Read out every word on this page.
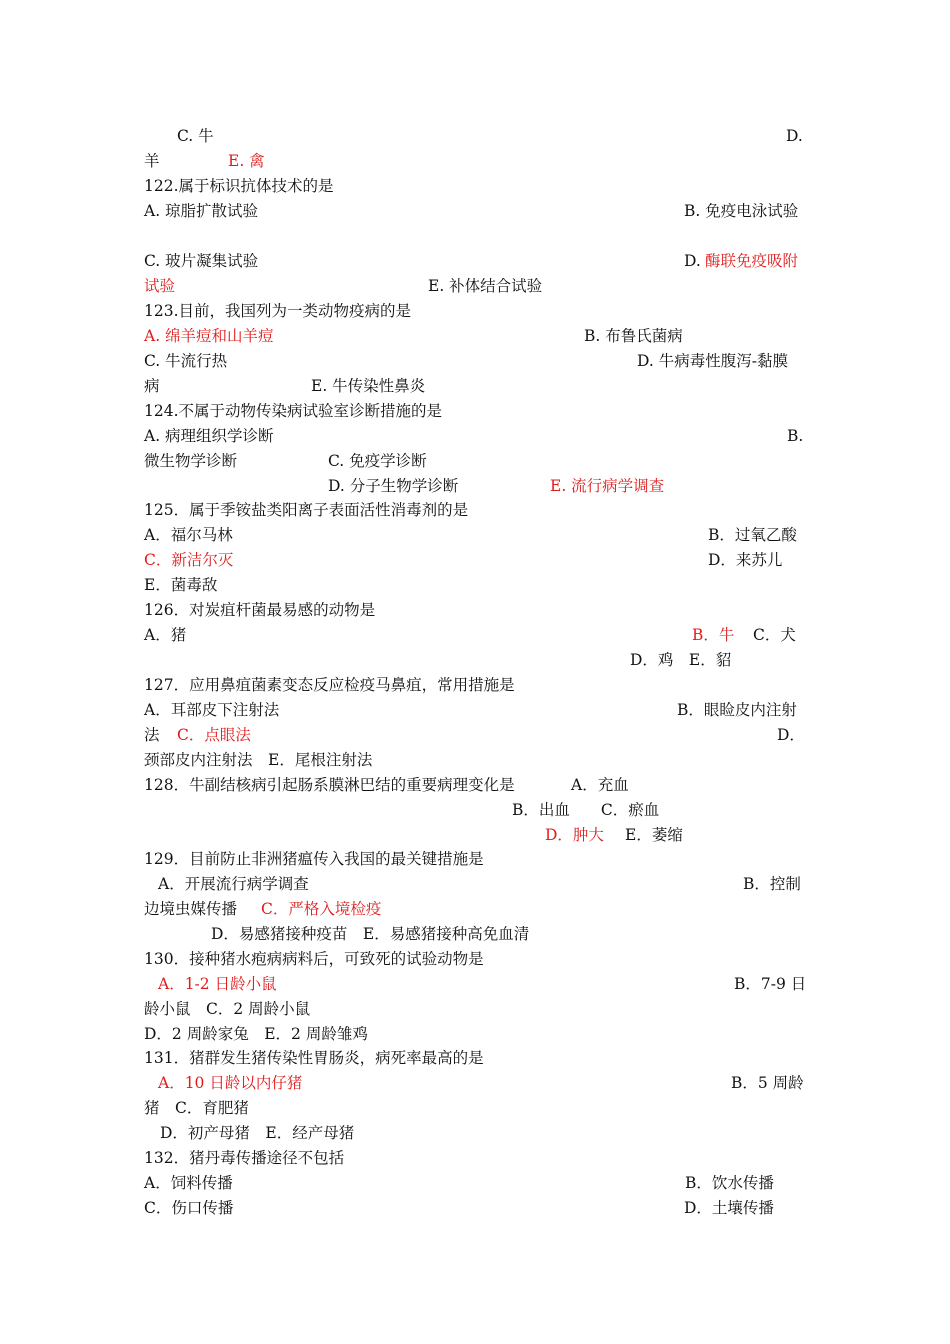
C. 牛	D.
羊	E. 禽
122.属于标识抗体技术的是
A. 琼脂扩散试验	B. 免疫电泳试验
C. 玻片凝集试验	D. 酶联免疫吸附
试验	E. 补体结合试验
123.目前，我国列为一类动物疫病的是
A. 绵羊痘和山羊痘	B. 布鲁氏菌病
C. 牛流行热	D. 牛病毒性腹泻-黏膜
病	E. 牛传染性鼻炎
124.不属于动物传染病试验室诊断措施的是
A. 病理组织学诊断	B.
微生物学诊断	C. 免疫学诊断
D. 分子生物学诊断	E. 流行病学调查
125．属于季铵盐类阳离子表面活性消毒剂的是
A．福尔马林	B．过氧乙酸
C．新洁尔灭	D．来苏儿
E．菌毒敌
126．对炭疽杆菌最易感的动物是
A．猪	B．牛 C．犬
D．鸡　E．貂
127．应用鼻疽菌素变态反应检疫马鼻疽，常用措施是
A．耳部皮下注射法	B．眼睑皮内注射
法 C．点眼法	D．
颈部皮内注射法　E．尾根注射法
128．牛副结核病引起肠系膜淋巴结的重要病理变化是	A．充血
B．出血　　C．瘀血
D．肿大 E．萎缩
129．目前防止非洲猪瘟传入我国的最关键措施是
A．开展流行病学调查	B．控制
边境虫媒传播 C．严格入境检疫
D．易感猪接种疫苗　E．易感猪接种高免血清
130．接种猪水疱病病料后，可致死的试验动物是
A．1-2 日龄小鼠	B．7-9 日
龄小鼠　C．2 周龄小鼠
D．2 周龄家兔　E．2 周龄雏鸡
131．猪群发生猪传染性胃肠炎，病死率最高的是
A．10 日龄以内仔猪	B．5 周龄
猪　C．育肥猪
D．初产母猪　E．经产母猪
132．猪丹毒传播途径不包括
A．饲料传播	B．饮水传播
C．伤口传播	D．土壤传播
